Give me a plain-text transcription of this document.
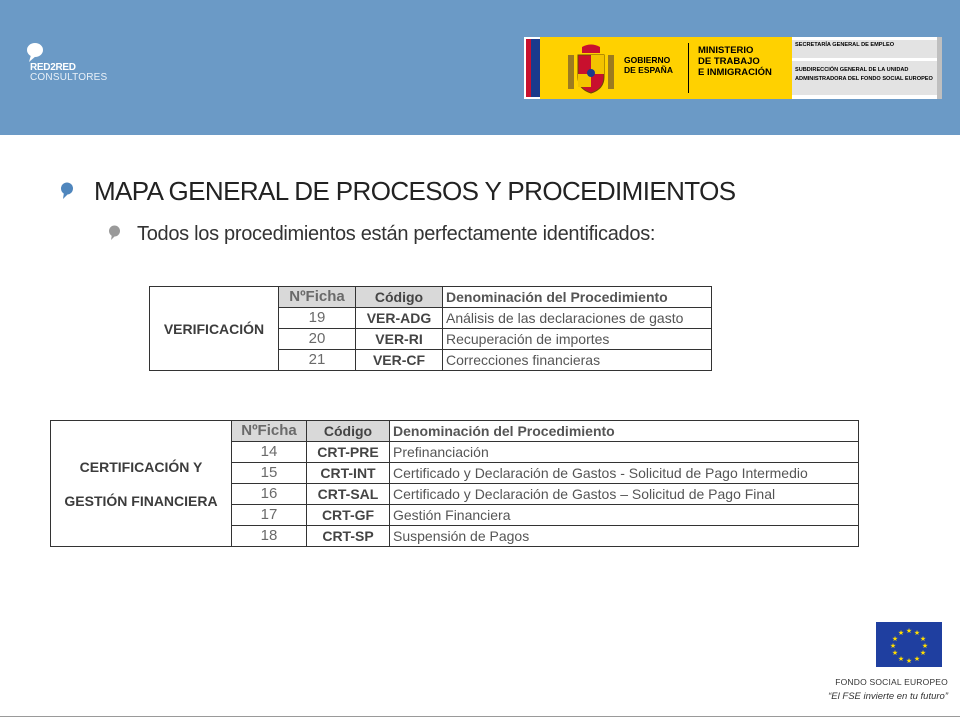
RED2RED
CONSULTORES
GOBIERNO
DE ESPAÑA
MINISTERIO
DE TRABAJO
E INMIGRACIÓN
SECRETARÍA GENERAL DE EMPLEO
SUBDIRECCIÓN GENERAL DE LA UNIDAD
ADMINISTRADORA DEL FONDO SOCIAL EUROPEO
MAPA GENERAL DE PROCESOS Y PROCEDIMIENTOS
Todos los procedimientos están perfectamente identificados:
VERIFICACIÓN	NºFicha	Código	Denominación del Procedimiento
	19	VER-ADG	Análisis de las declaraciones de gasto
	20	VER-RI	Recuperación de importes
	21	VER-CF	Correcciones financieras
CERTIFICACIÓN Y
GESTIÓN FINANCIERA	NºFicha	Código	Denominación del Procedimiento
	14	CRT-PRE	Prefinanciación
	15	CRT-INT	Certificado y Declaración de Gastos - Solicitud de Pago Intermedio
	16	CRT-SAL	Certificado y Declaración de Gastos – Solicitud de Pago Final
	17	CRT-GF	Gestión Financiera
	18	CRT-SP	Suspensión de Pagos
★ ★
★
★
★
★
★
★
★
★
★
★
FONDO SOCIAL EUROPEO
“El FSE invierte en tu futuro”
